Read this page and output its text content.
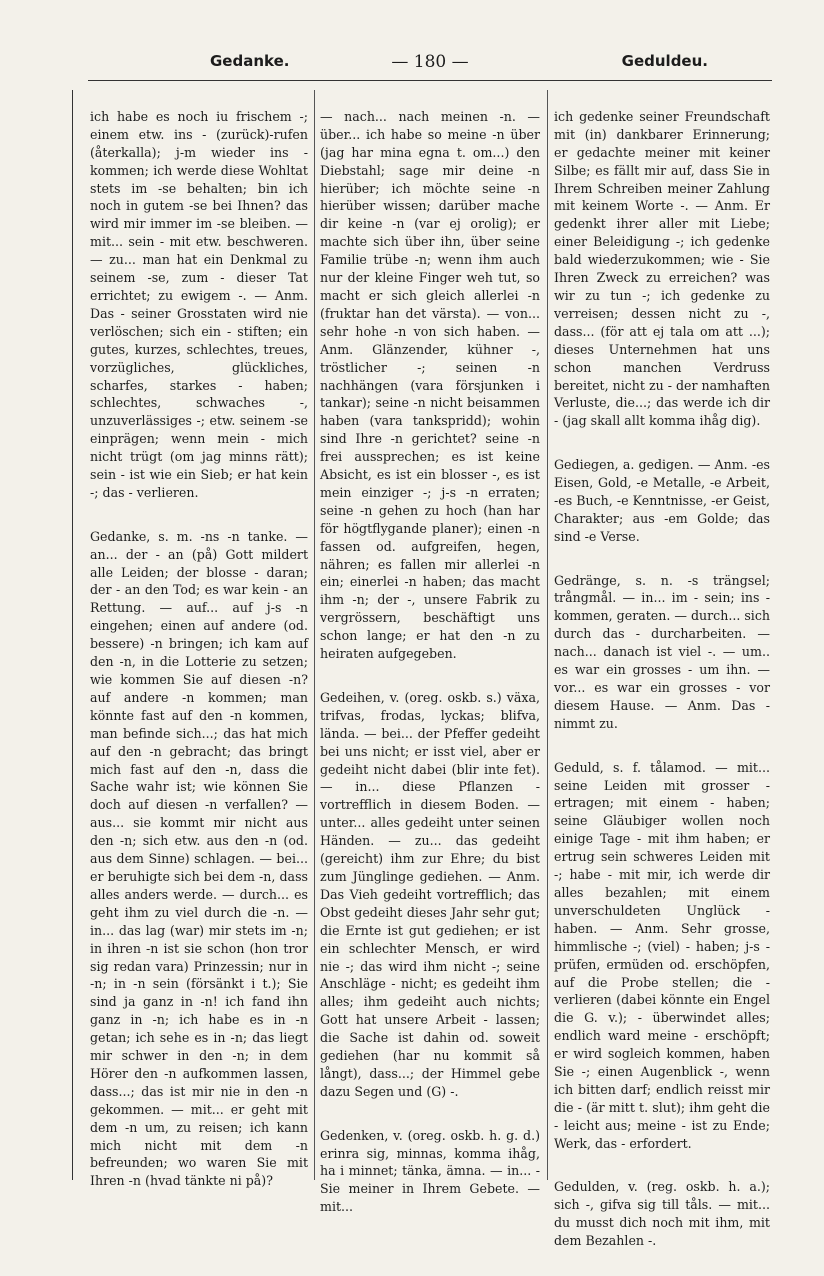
Gedanke.	— 180 —	Geduldeu.

ich habe es noch iu frischem -; einem etw. ins - (zurück)-rufen (återkalla); j-m wieder ins - kommen; ich werde diese Wohltat stets im -se behalten; bin ich noch in gutem -se bei Ihnen? das wird mir immer im -se bleiben. — mit... sein - mit etw. beschweren. — zu... man hat ein Denkmal zu seinem -se, zum - dieser Tat errichtet; zu ewigem -. — Anm. Das - seiner Grosstaten wird nie verlöschen; sich ein - stiften; ein gutes, kurzes, schlechtes, treues, vorzügliches, glückliches, scharfes, starkes - haben; schlechtes, schwaches -, unzuverlässiges -; etw. seinem -se einprägen; wenn mein - mich nicht trügt (om jag minns rätt); sein - ist wie ein Sieb; er hat kein -; das - verlieren.

Gedanke, s. m. -ns -n tanke. — an... der - an (på) Gott mildert alle Leiden; der blosse - daran; der - an den Tod; es war kein - an Rettung. — auf... auf j-s -n eingehen; einen auf andere (od. bessere) -n bringen; ich kam auf den -n, in die Lotterie zu setzen; wie kommen Sie auf diesen -n? auf andere -n kommen; man könnte fast auf den -n kommen, man befinde sich...; das hat mich auf den -n gebracht; das bringt mich fast auf den -n, dass die Sache wahr ist; wie können Sie doch auf diesen -n verfallen? — aus... sie kommt mir nicht aus den -n; sich etw. aus den -n (od. aus dem Sinne) schlagen. — bei... er beruhigte sich bei dem -n, dass alles anders werde. — durch... es geht ihm zu viel durch die -n. — in... das lag (war) mir stets im -n; in ihren -n ist sie schon (hon tror sig redan vara) Prinzessin; nur in -n; in -n sein (försänkt i t.); Sie sind ja ganz in -n! ich fand ihn ganz in -n; ich habe es in -n getan; ich sehe es in -n; das liegt mir schwer in den -n; in dem Hörer den -n aufkommen lassen, dass...; das ist mir nie in den -n gekommen. — mit... er geht mit dem -n um, zu reisen; ich kann mich nicht mit dem -n befreunden; wo waren Sie mit Ihren -n (hvad tänkte ni på)?

— nach... nach meinen -n. — über... ich habe so meine -n über (jag har mina egna t. om...) den Diebstahl; sage mir deine -n hierüber; ich möchte seine -n hierüber wissen; darüber mache dir keine -n (var ej orolig); er machte sich über ihn, über seine Familie trübe -n; wenn ihm auch nur der kleine Finger weh tut, so macht er sich gleich allerlei -n (fruktar han det värsta). — von... sehr hohe -n von sich haben. — Anm. Glänzender, kühner -, tröstlicher -; seinen -n nachhängen (vara försjunken i tankar); seine -n nicht beisammen haben (vara tankspridd); wohin sind Ihre -n gerichtet? seine -n frei aussprechen; es ist keine Absicht, es ist ein blosser -, es ist mein einziger -; j-s -n erraten; seine -n gehen zu hoch (han har för högtflygande planer); einen -n fassen od. aufgreifen, hegen, nähren; es fallen mir allerlei -n ein; einerlei -n haben; das macht ihm -n; der -, unsere Fabrik zu vergrössern, beschäftigt uns schon lange; er hat den -n zu heiraten aufgegeben.

Gedeihen, v. (oreg. oskb. s.) växa, trifvas, frodas, lyckas; blifva, lända. — bei... der Pfeffer gedeiht bei uns nicht; er isst viel, aber er gedeiht nicht dabei (blir inte fet). — in... diese Pflanzen - vortrefflich in diesem Boden. — unter... alles gedeiht unter seinen Händen. — zu... das gedeiht (gereicht) ihm zur Ehre; du bist zum Jünglinge gediehen. — Anm. Das Vieh gedeiht vortrefflich; das Obst gedeiht dieses Jahr sehr gut; die Ernte ist gut gediehen; er ist ein schlechter Mensch, er wird nie -; das wird ihm nicht -; seine Anschläge - nicht; es gedeiht ihm alles; ihm gedeiht auch nichts; Gott hat unsere Arbeit - lassen; die Sache ist dahin od. soweit gediehen (har nu kommit så långt), dass...; der Himmel gebe dazu Segen und (G) -.

Gedenken, v. (oreg. oskb. h. g. d.) erinra sig, minnas, komma ihåg, ha i minnet; tänka, ämna. — in... - Sie meiner in Ihrem Gebete. — mit...

ich gedenke seiner Freundschaft mit (in) dankbarer Erinnerung; er gedachte meiner mit keiner Silbe; es fällt mir auf, dass Sie in Ihrem Schreiben meiner Zahlung mit keinem Worte -. — Anm. Er gedenkt ihrer aller mit Liebe; einer Beleidigung -; ich gedenke bald wiederzukommen; wie - Sie Ihren Zweck zu erreichen? was wir zu tun -; ich gedenke zu verreisen; dessen nicht zu -, dass... (för att ej tala om att ...); dieses Unternehmen hat uns schon manchen Verdruss bereitet, nicht zu - der namhaften Verluste, die...; das werde ich dir - (jag skall allt komma ihåg dig).

Gediegen, a. gedigen. — Anm. -es Eisen, Gold, -e Metalle, -e Arbeit, -es Buch, -e Kenntnisse, -er Geist, Charakter; aus -em Golde; das sind -e Verse.

Gedränge, s. n. -s trängsel; trångmål. — in... im - sein; ins - kommen, geraten. — durch... sich durch das - durcharbeiten. — nach... danach ist viel -. — um.. es war ein grosses - um ihn. — vor... es war ein grosses - vor diesem Hause. — Anm. Das - nimmt zu.

Geduld, s. f. tålamod. — mit... seine Leiden mit grosser - ertragen; mit einem - haben; seine Gläubiger wollen noch einige Tage - mit ihm haben; er ertrug sein schweres Leiden mit -; habe - mit mir, ich werde dir alles bezahlen; mit einem unverschuldeten Unglück - haben. — Anm. Sehr grosse, himmlische -; (viel) - haben; j-s - prüfen, ermüden od. erschöpfen, auf die Probe stellen; die - verlieren (dabei könnte ein Engel die G. v.); - überwindet alles; endlich ward meine - erschöpft; er wird sogleich kommen, haben Sie -; einen Augenblick -, wenn ich bitten darf; endlich reisst mir die - (är mitt t. slut); ihm geht die - leicht aus; meine - ist zu Ende; Werk, das - erfordert.

Gedulden, v. (reg. oskb. h. a.); sich -, gifva sig till tåls. — mit... du musst dich noch mit ihm, mit dem Bezahlen -.
